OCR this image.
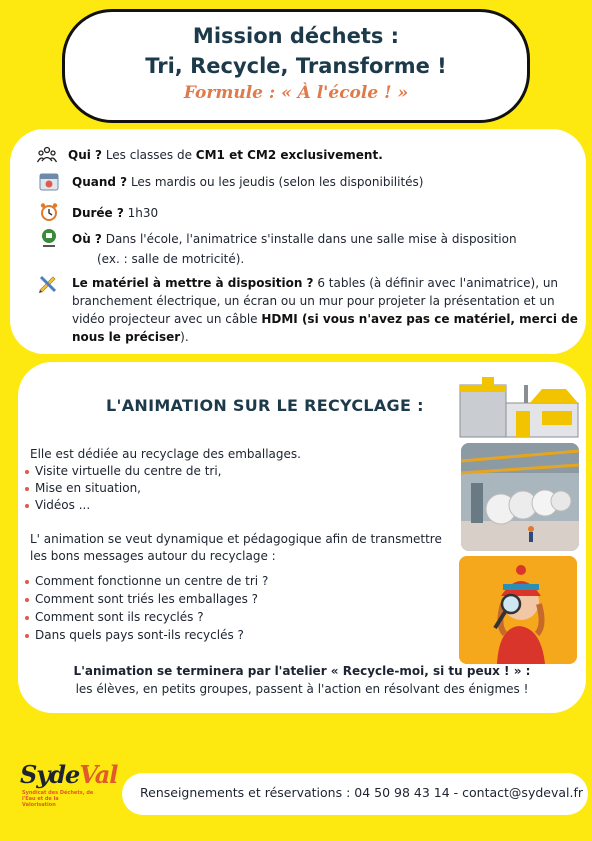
Mission déchets :
Tri, Recycle, Transforme !
Formule : « À l'école ! »
Qui ? Les classes de CM1 et CM2 exclusivement.
Quand ? Les mardis ou les jeudis (selon les disponibilités)
Durée ? 1h30
Où ? Dans l'école, l'animatrice s'installe dans une salle mise à disposition
(ex. : salle de motricité).
Le matériel à mettre à disposition ? 6 tables (à définir avec l'animatrice), un
branchement électrique, un écran ou un mur pour projeter la présentation et un
vidéo projecteur avec un câble HDMI (si vous n'avez pas ce matériel, merci de
nous le préciser).
L'ANIMATION SUR LE RECYCLAGE :
Elle est dédiée au recyclage des emballages.
Visite virtuelle du centre de tri,
Mise en situation,
Vidéos ...
L' animation se veut dynamique et pédagogique afin de transmettre
les bons messages autour du recyclage :
Comment fonctionne un centre de tri ?
Comment sont triés les emballages ?
Comment sont ils recyclés ?
Dans quels pays sont-ils recyclés ?
L'animation se terminera par l'atelier « Recycle-moi, si tu peux ! » :
les élèves, en petits groupes, passent à l'action en résolvant des énigmes !
SydeVal
Syndicat des Déchets, de l'Eau et de la Valorisation
Renseignements et réservations : 04 50 98 43 14 - contact@sydeval.fr
